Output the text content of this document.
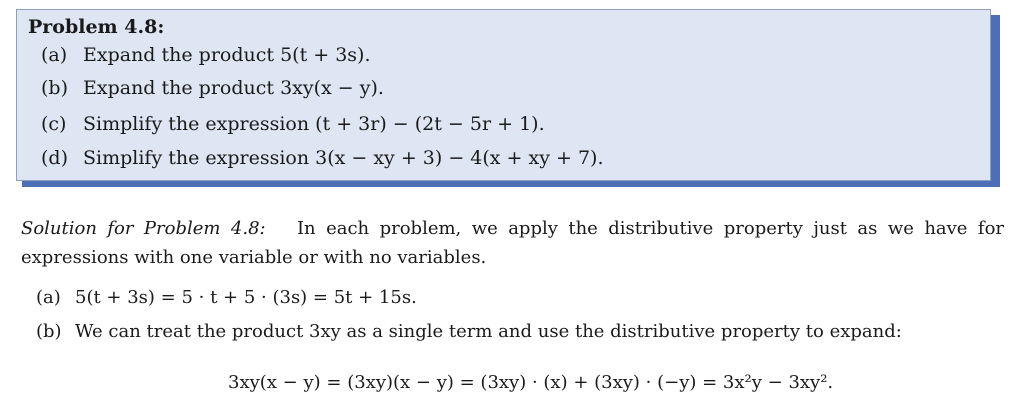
Problem 4.8:
(a) Expand the product 5(t + 3s).
(b) Expand the product 3xy(x − y).
(c) Simplify the expression (t + 3r) − (2t − 5r + 1).
(d) Simplify the expression 3(x − xy + 3) − 4(x + xy + 7).
Solution for Problem 4.8: In each problem, we apply the distributive property just as we have for expressions with one variable or with no variables.
(a) 5(t + 3s) = 5 · t + 5 · (3s) = 5t + 15s.
(b) We can treat the product 3xy as a single term and use the distributive property to expand:
3xy(x − y) = (3xy)(x − y) = (3xy) · (x) + (3xy) · (−y) = 3x²y − 3xy².
